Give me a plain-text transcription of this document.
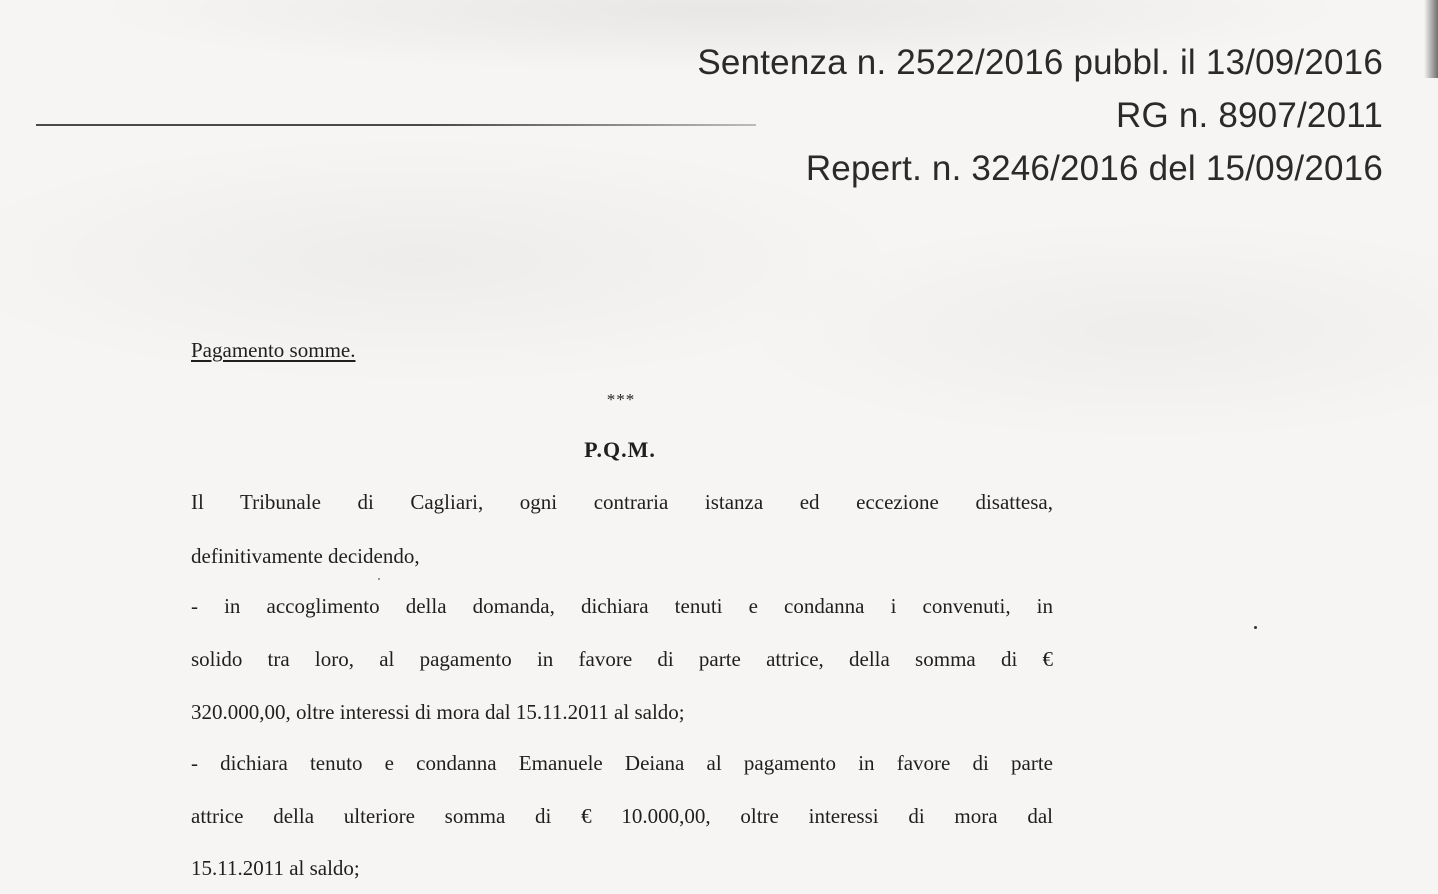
Sentenza n. 2522/2016 pubbl. il 13/09/2016
RG n. 8907/2011
Repert. n. 3246/2016 del 15/09/2016
Pagamento somme.
***
P.Q.M.
Il Tribunale di Cagliari, ogni contraria istanza ed eccezione disattesa,
definitivamente decidendo,
- in accoglimento della domanda, dichiara tenuti e condanna i convenuti, in
solido tra loro, al pagamento in favore di parte attrice, della somma di €
320.000,00, oltre interessi di mora dal 15.11.2011 al saldo;
- dichiara tenuto e condanna Emanuele Deiana al pagamento in favore di parte
attrice della ulteriore somma di € 10.000,00, oltre interessi di mora dal
15.11.2011 al saldo;
